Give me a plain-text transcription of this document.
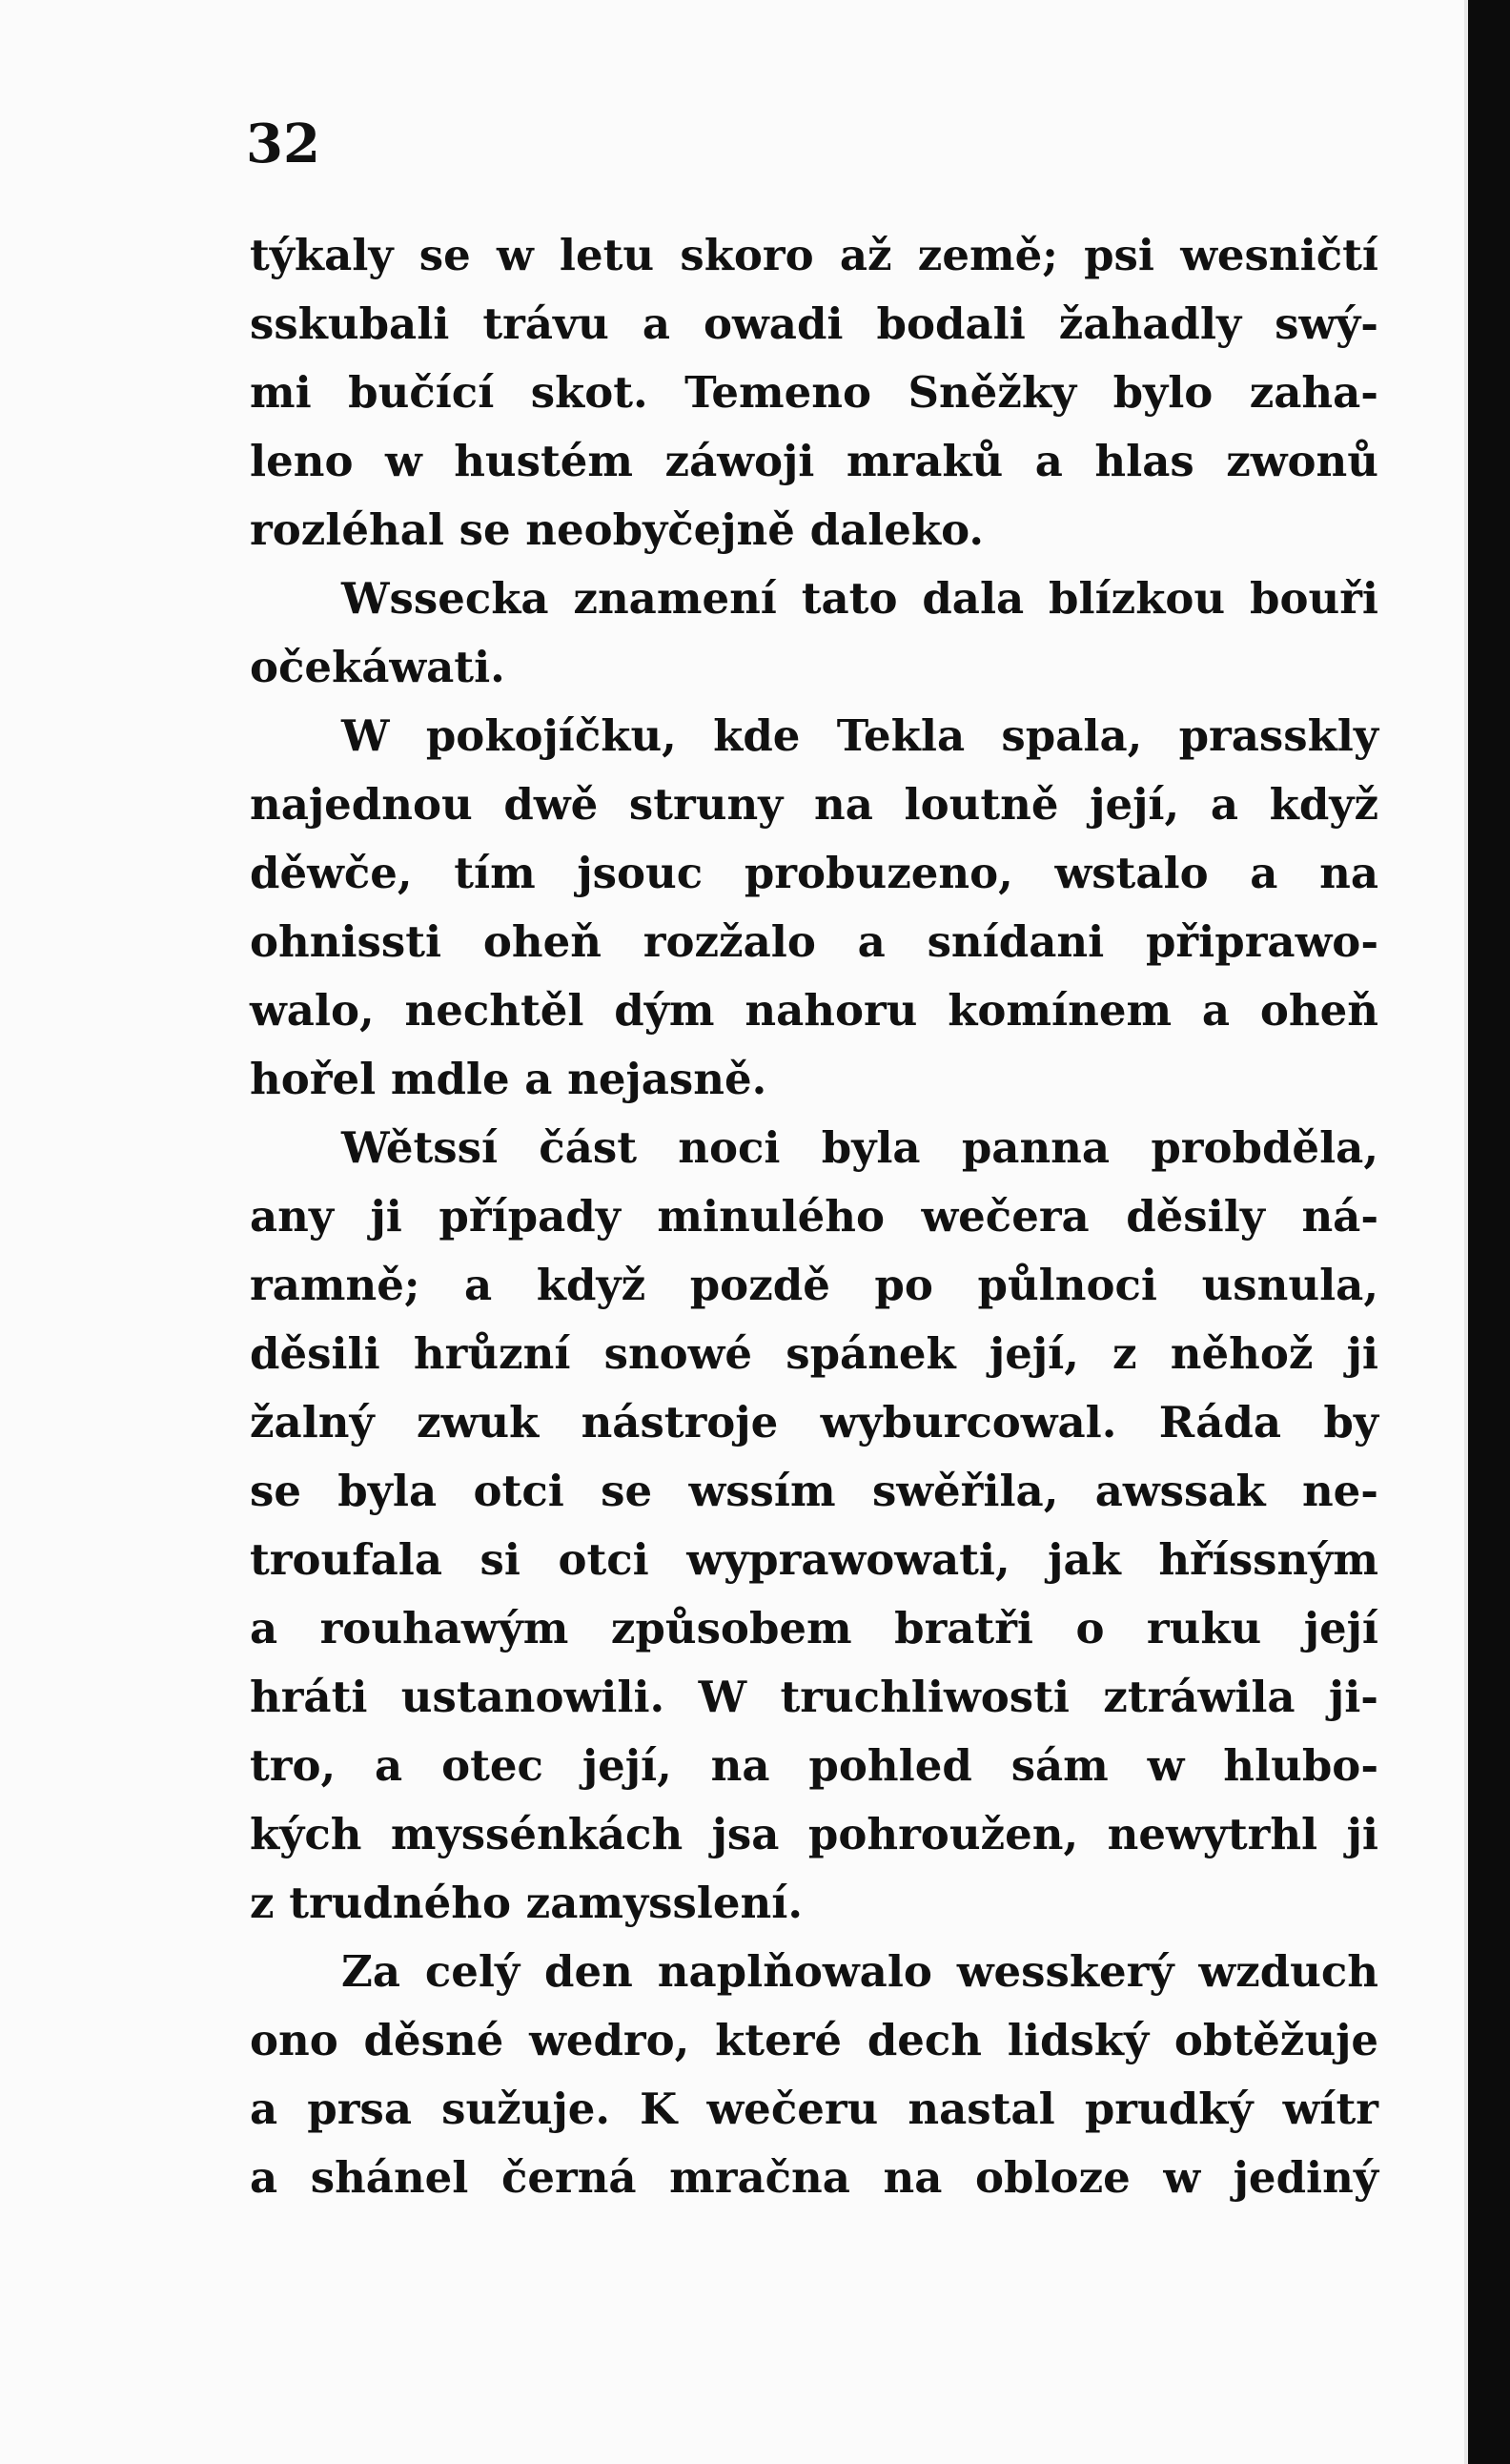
32

týkaly se w letu skoro až země; psi wesničtí
sskubali trávu a owadi bodali žahadly swý-
mi bučící skot. Temeno Sněžky bylo zaha-
leno w hustém záwoji mraků a hlas zwonů
rozléhal se neobyčejně daleko.
Wssecka znamení tato dala blízkou bouři
očekáwati.
W pokojíčku, kde Tekla spala, prasskly
najednou dwě struny na loutně její, a když
děwče, tím jsouc probuzeno, wstalo a na
ohnissti oheň rozžalo a snídani připrawo-
walo, nechtěl dým nahoru komínem a oheň
hořel mdle a nejasně.
Wětssí část noci byla panna probděla,
any ji případy minulého wečera děsily ná-
ramně; a když pozdě po půlnoci usnula,
děsili hrůzní snowé spánek její, z něhož ji
žalný zwuk nástroje wyburcowal. Ráda by
se byla otci se wssím swěřila, awssak ne-
troufala si otci wyprawowati, jak hříssným
a rouhawým způsobem bratři o ruku její
hráti ustanowili. W truchliwosti ztráwila ji-
tro, a otec její, na pohled sám w hlubo-
kých myssénkách jsa pohroužen, newytrhl ji
z trudného zamysslení.
Za celý den naplňowalo wesskerý wzduch
ono děsné wedro, které dech lidský obtěžuje
a prsa sužuje. K wečeru nastal prudký wítr
a shánel černá mračna na obloze w jediný
